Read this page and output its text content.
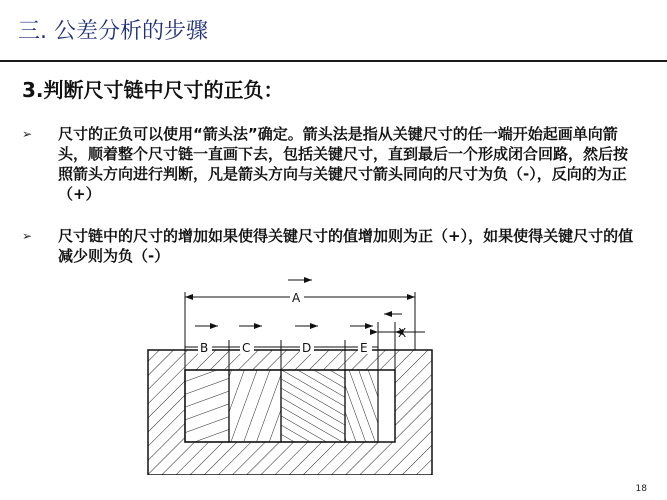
三. 公差分析的步骤
3.判断尺寸链中尺寸的正负：
➢ 尺寸的正负可以使用“箭头法”确定。箭头法是指从关键尺寸的任一端开始起画单向箭头，顺着整个尺寸链一直画下去，包括关键尺寸，直到最后一个形成闭合回路，然后按照箭头方向进行判断，凡是箭头方向与关键尺寸箭头同向的尺寸为负（-），反向的为正（+）
➢ 尺寸链中的尺寸的增加如果使得关键尺寸的值增加则为正（+），如果使得关键尺寸的值减少则为负（-）
A
B	C	D	E
X
18
